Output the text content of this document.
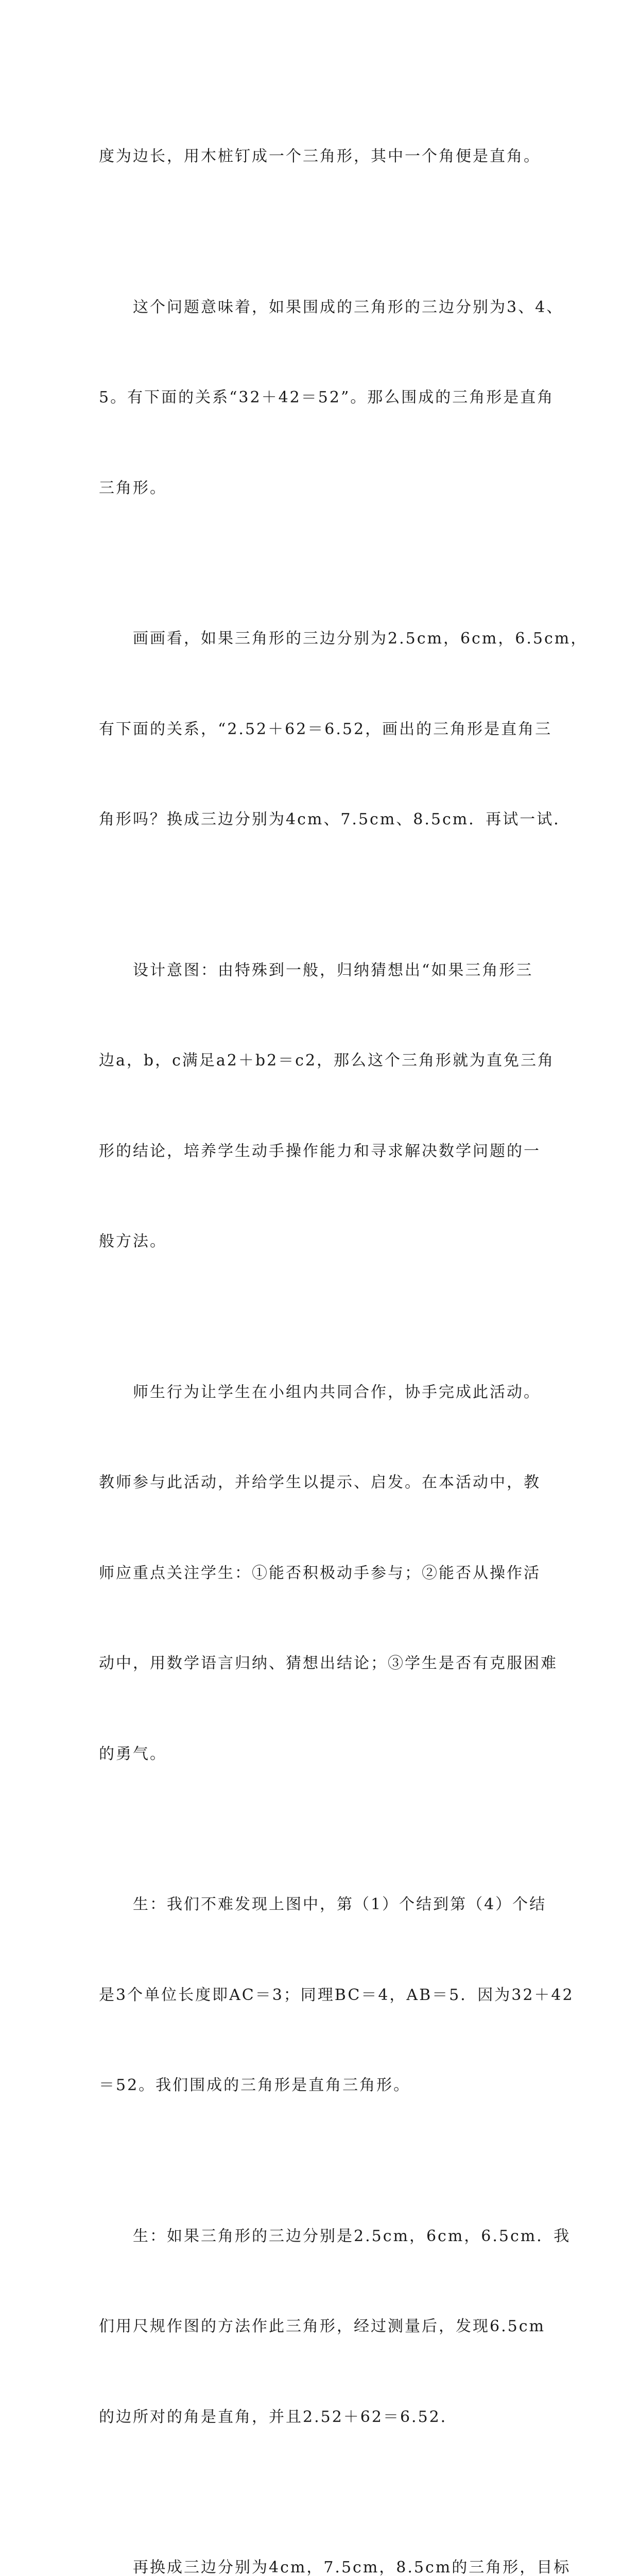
度为边长，用木桩钉成一个三角形，其中一个角便是直角。

这个问题意味着，如果围成的三角形的三边分别为3、4、

5。有下面的关系“32＋42＝52”。那么围成的三角形是直角

三角形。

画画看，如果三角形的三边分别为2.5cm，6cm，6.5cm，

有下面的关系，“2.52＋62＝6.52，画出的三角形是直角三

角形吗？换成三边分别为4cm、7.5cm、8.5cm．再试一试．

设计意图：由特殊到一般，归纳猜想出“如果三角形三

边a，b，c满足a2＋b2＝c2，那么这个三角形就为直免三角

形的结论，培养学生动手操作能力和寻求解决数学问题的一

般方法。

师生行为让学生在小组内共同合作，协手完成此活动。

教师参与此活动，并给学生以提示、启发。在本活动中，教

师应重点关注学生：①能否积极动手参与；②能否从操作活

动中，用数学语言归纳、猜想出结论；③学生是否有克服困难

的勇气。

生：我们不难发现上图中，第（1）个结到第（4）个结

是3个单位长度即AC＝3；同理BC＝4，AB＝5．因为32＋42

＝52。我们围成的三角形是直角三角形。

生：如果三角形的三边分别是2.5cm，6cm，6.5cm．我

们用尺规作图的方法作此三角形，经过测量后，发现6.5cm

的边所对的角是直角，并且2.52＋62＝6.52．

再换成三边分别为4cm，7.5cm，8.5cm的三角形，目标
